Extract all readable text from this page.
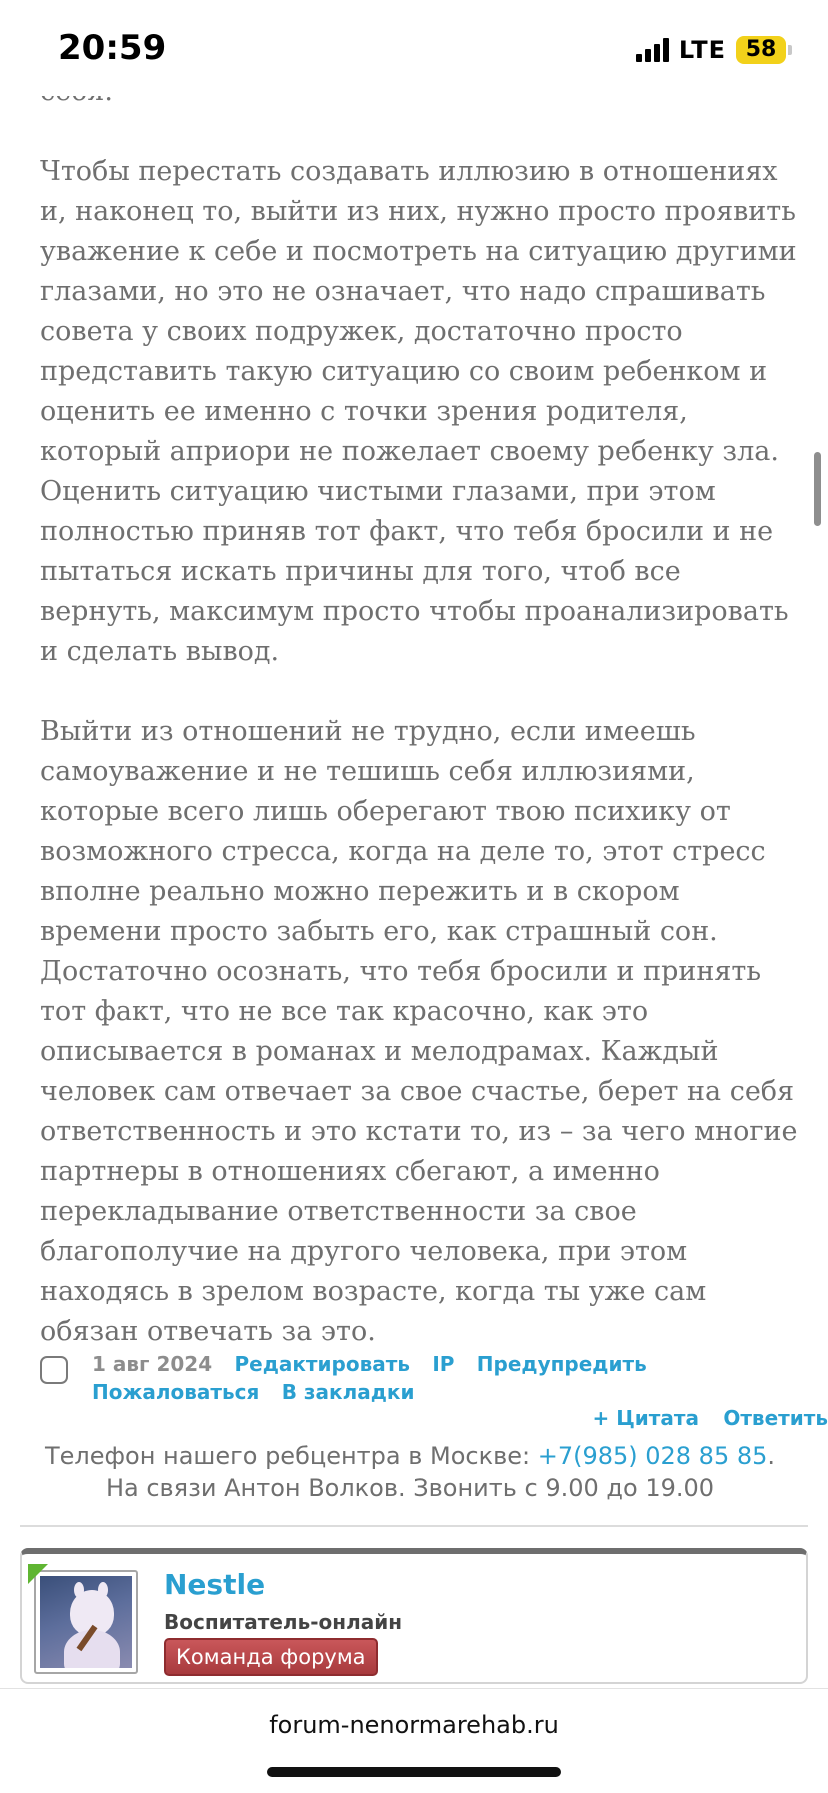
20:59	LTE 58

Чтобы перестать создавать иллюзию в отношениях и, наконец то, выйти из них, нужно просто проявить уважение к себе и посмотреть на ситуацию другими глазами, но это не означает, что надо спрашивать совета у своих подружек, достаточно просто представить такую ситуацию со своим ребенком и оценить ее именно с точки зрения родителя, который априори не пожелает своему ребенку зла. Оценить ситуацию чистыми глазами, при этом полностью приняв тот факт, что тебя бросили и не пытаться искать причины для того, чтоб все вернуть, максимум просто чтобы проанализировать и сделать вывод.

Выйти из отношений не трудно, если имеешь самоуважение и не тешишь себя иллюзиями, которые всего лишь оберегают твою психику от возможного стресса, когда на деле то, этот стресс вполне реально можно пережить и в скором времени просто забыть его, как страшный сон. Достаточно осознать, что тебя бросили и принять тот факт, что не все так красочно, как это описывается в романах и мелодрамах. Каждый человек сам отвечает за свое счастье, берет на себя ответственность и это кстати то, из – за чего многие партнеры в отношениях сбегают, а именно перекладывание ответственности за свое благополучие на другого человека, при этом находясь в зрелом возрасте, когда ты уже сам обязан отвечать за это.

1 авг 2024 Редактировать IP Предупредить Пожаловаться В закладки
+ Цитата Ответить
Телефон нашего ребцентра в Москве: +7(985) 028 85 85. На связи Антон Волков. Звонить с 9.00 до 19.00
Nestle
Воспитатель-онлайн
Команда форума
forum-nenormarehab.ru
